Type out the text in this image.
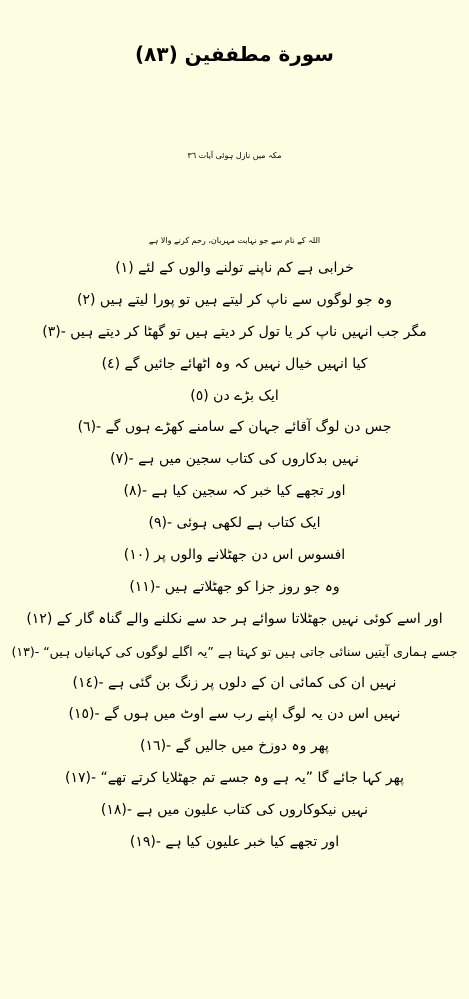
سورة مطففين (٨٣)
مكہ میں نازل ہوئی آیات ٣٦
اللہ کے نام سے جو نہایت مہربان، رحم کرنے والا ہے
خرابی ہے کم ناپنے تولنے والوں کے لئے (١)
وہ جو لوگوں سے ناپ کر لیتے ہیں تو پورا لیتے ہیں (٢)
مگر جب انہیں ناپ کر یا تول کر دیتے ہیں تو گھٹا کر دیتے ہیں -(٣)
کیا انہیں خیال نہیں کہ وہ اٹھائے جائیں گے (٤)
ایک بڑے دن (٥)
جس دن لوگ آقائے جہان کے سامنے کھڑے ہوں گے -(٦)
نہیں بدکاروں کی کتاب سجین میں ہے -(٧)
اور تجھے کیا خبر کہ سجین کیا ہے -(٨)
ایک کتاب ہے لکھی ہوئی -(٩)
افسوس اس دن جھٹلانے والوں پر (١٠)
وہ جو روز جزا کو جھٹلاتے ہیں -(١١)
اور اسے کوئی نہیں جھٹلاتا سوائے ہر حد سے نکلنے والے گناہ گار کے (١٢)
جسے ہماری آیتیں سنائی جاتی ہیں تو کہتا ہے ”یہ اگلے لوگوں کی کہانیاں ہیں“ -(١٣)
نہیں ان کی کمائی ان کے دلوں پر زنگ بن گئی ہے -(١٤)
نہیں اس دن یہ لوگ اپنے رب سے اوٹ میں ہوں گے -(١٥)
پھر وہ دوزخ میں جالیں گے -(١٦)
پھر کہا جائے گا ”یہ ہے وہ جسے تم جھٹلایا کرتے تھے“ -(١٧)
نہیں نیکوکاروں کی کتاب علیون میں ہے -(١٨)
اور تجھے کیا خبر علیون کیا ہے -(١٩)
